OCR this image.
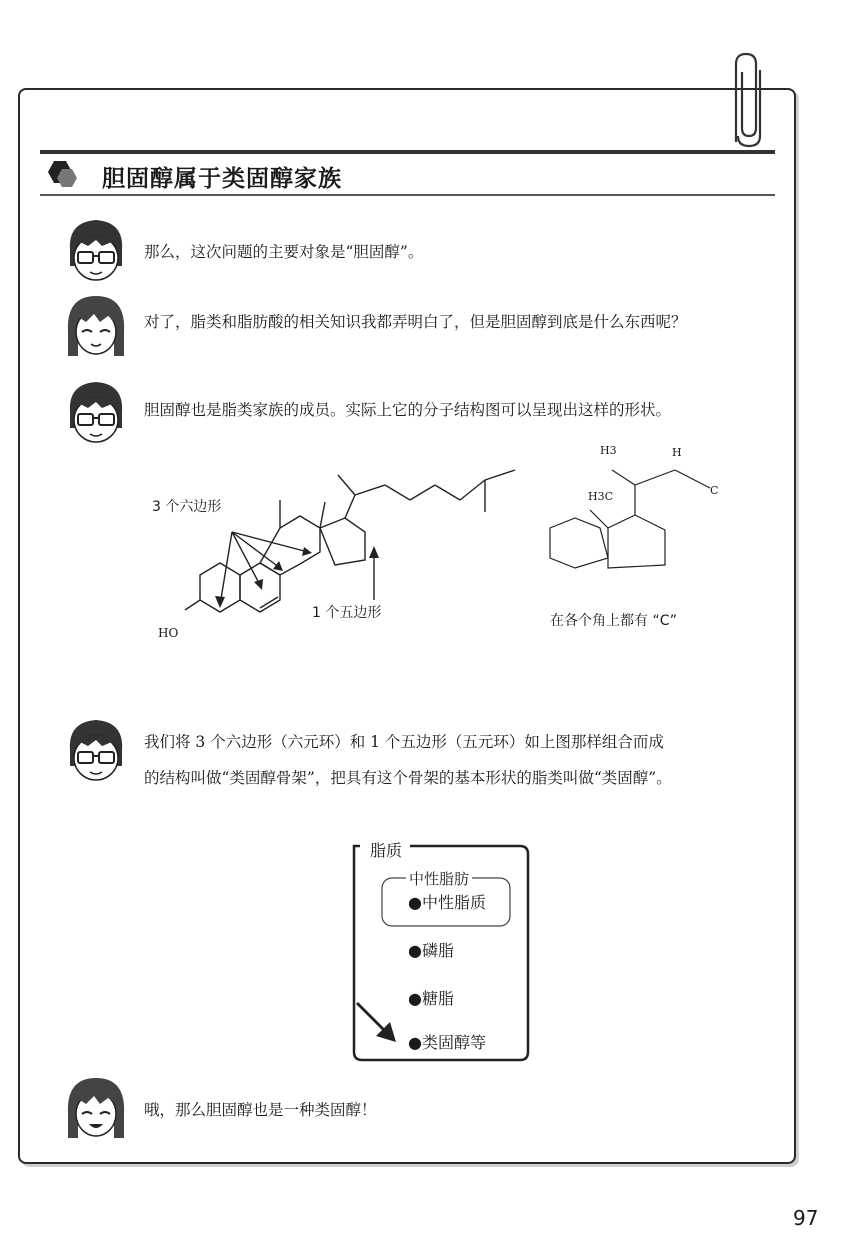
胆固醇属于类固醇家族
那么，这次问题的主要对象是“胆固醇”。
对了，脂类和脂肪酸的相关知识我都弄明白了，但是胆固醇到底是什么东西呢？
胆固醇也是脂类家族的成员。实际上它的分子结构图可以呈现出这样的形状。
我们将 3 个六边形（六元环）和 1 个五边形（五元环）如上图那样组合而成
的结构叫做“类固醇骨架”，把具有这个骨架的基本形状的脂类叫做“类固醇”。
哦，那么胆固醇也是一种类固醇！
3 个六边形
1 个五边形
HO
在各个角上都有 “C”
H3
H3C
H
C
脂质
中性脂肪
●中性脂质
●磷脂
●糖脂
●类固醇等
97
